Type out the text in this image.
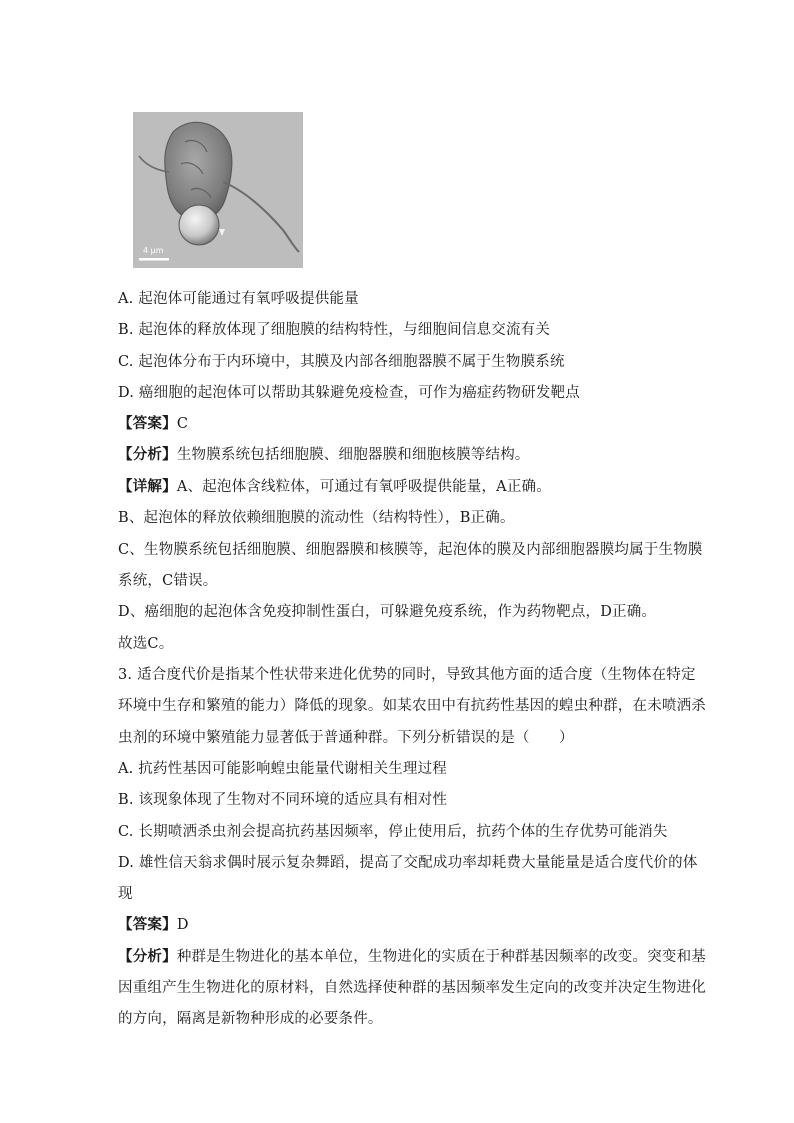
4 μm
A. 起泡体可能通过有氧呼吸提供能量
B. 起泡体的释放体现了细胞膜的结构特性，与细胞间信息交流有关
C. 起泡体分布于内环境中，其膜及内部各细胞器膜不属于生物膜系统
D. 癌细胞的起泡体可以帮助其躲避免疫检查，可作为癌症药物研发靶点
【答案】C
【分析】生物膜系统包括细胞膜、细胞器膜和细胞核膜等结构。
【详解】A、起泡体含线粒体，可通过有氧呼吸提供能量，A正确。
B、起泡体的释放依赖细胞膜的流动性（结构特性），B正确。
C、生物膜系统包括细胞膜、细胞器膜和核膜等，起泡体的膜及内部细胞器膜均属于生物膜
系统，C错误。
D、癌细胞的起泡体含免疫抑制性蛋白，可躲避免疫系统，作为药物靶点，D正确。
故选C。
3. 适合度代价是指某个性状带来进化优势的同时，导致其他方面的适合度（生物体在特定
环境中生存和繁殖的能力）降低的现象。如某农田中有抗药性基因的蝗虫种群，在未喷洒杀
虫剂的环境中繁殖能力显著低于普通种群。下列分析错误的是（　　）
A. 抗药性基因可能影响蝗虫能量代谢相关生理过程
B. 该现象体现了生物对不同环境的适应具有相对性
C. 长期喷洒杀虫剂会提高抗药基因频率，停止使用后，抗药个体的生存优势可能消失
D. 雄性信天翁求偶时展示复杂舞蹈，提高了交配成功率却耗费大量能量是适合度代价的体
现
【答案】D
【分析】种群是生物进化的基本单位，生物进化的实质在于种群基因频率的改变。突变和基
因重组产生生物进化的原材料，自然选择使种群的基因频率发生定向的改变并决定生物进化
的方向，隔离是新物种形成的必要条件。
